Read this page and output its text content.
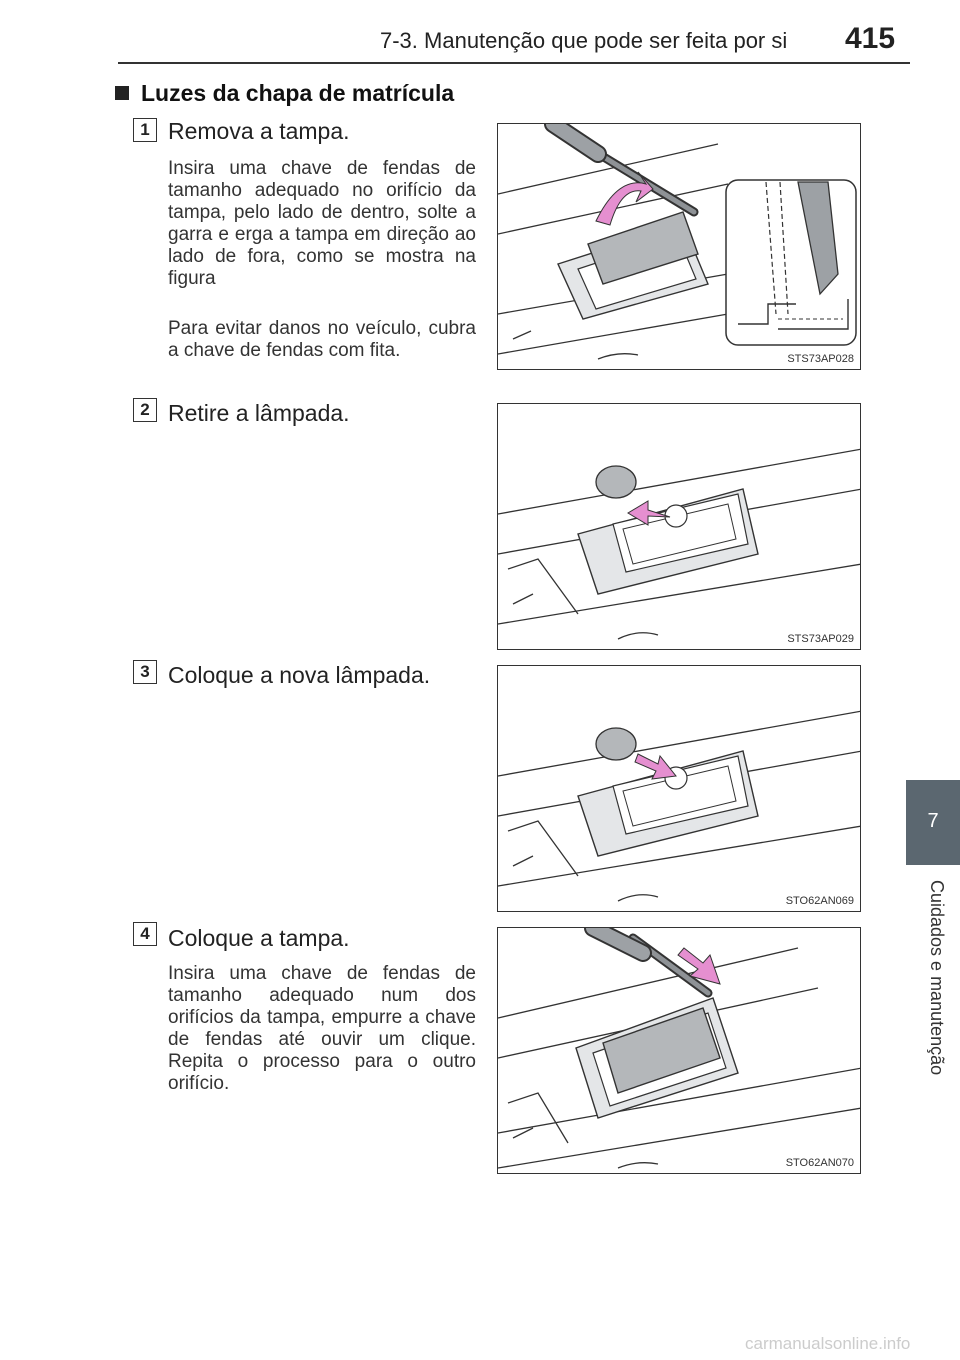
7-3. Manutenção que pode ser feita por si 415
Luzes da chapa de matrícula
1 Remova a tampa.

Insira uma chave de fendas de tamanho adequado no orifício da tampa, pelo lado de dentro, solte a garra e erga a tampa em direção ao lado de fora, como se mostra na figura

Para evitar danos no veículo, cubra a chave de fendas com fita.	STS73AP028
2 Retire a lâmpada.
STS73AP029
3 Coloque a nova lâmpada.
STO62AN069
4 Coloque a tampa.

Insira uma chave de fendas de tamanho adequado num dos orifícios da tampa, empurre a chave de fendas até ouvir um clique. Repita o processo para o outro orifício.

STO62AN070
7
Cuidados e manutenção
carmanualsonline.info
